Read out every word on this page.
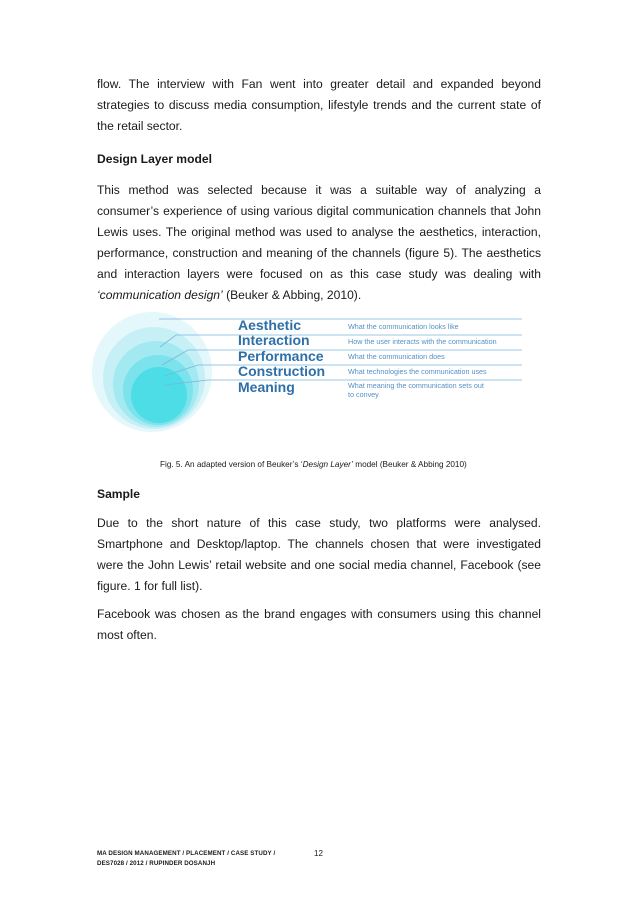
flow. The interview with Fan went into greater detail and expanded beyond strategies to discuss media consumption, lifestyle trends and the current state of the retail sector.

Design Layer model

This method was selected because it was a suitable way of analyzing a consumer’s experience of using various digital communication channels that John Lewis uses. The original method was used to analyse the aesthetics, interaction, performance, construction and meaning of the channels (figure 5). The aesthetics and interaction layers were focused on as this case study was dealing with ‘communication design’ (Beuker & Abbing, 2010).

Aesthetic
Interaction
Performance
Construction
Meaning
What the communication looks like
How the user interacts with the communication
What the communication does
What technologies the communication uses
What meaning the communication sets out
to convey
Fig. 5. An adapted version of Beuker’s ‘Design Layer’ model (Beuker & Abbing 2010)
Sample

Due to the short nature of this case study, two platforms were analysed. Smartphone and Desktop/laptop. The channels chosen that were investigated were the John Lewis’ retail website and one social media channel, Facebook (see figure. 1 for full list).

Facebook was chosen as the brand engages with consumers using this channel most often.

MA DESIGN MANAGEMENT / PLACEMENT / CASE STUDY /
DES7028 / 2012 / RUPINDER DOSANJH
12
